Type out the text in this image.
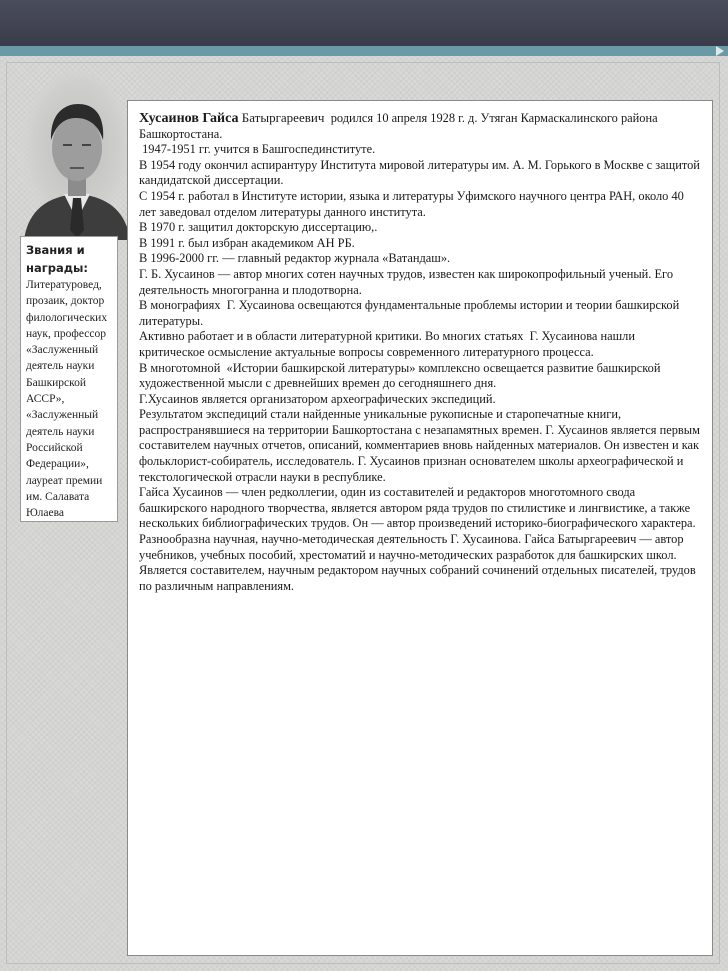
Звания и награды:
Литературовед, прозаик, доктор филологических наук, профессор «Заслуженный деятель науки Башкирской АССР», «Заслуженный деятель науки Российской Федерации», лауреат премии им. Салавата Юлаева

Хусаинов Гайса Батыргареевич  родился 10 апреля 1928 г. д. Утяган Кармаскалинского района Башкортостана.

1947-1951 гг. учится в Башгоспединституте.

В 1954 году окончил аспирантуру Института мировой литературы им. А. М. Горького в Москве с защитой кандидатской диссертации.

С 1954 г. работал в Институте истории, языка и литературы Уфимского научного центра РАН, около 40 лет заведовал отделом литературы данного института.

В 1970 г. защитил докторскую диссертацию,.

В 1991 г. был избран академиком АН РБ.

В 1996-2000 гг. — главный редактор журнала «Ватандаш».

Г. Б. Хусаинов — автор многих сотен научных трудов, известен как широкопрофильный ученый. Его деятельность многогранна и плодотворна.

В монографиях  Г. Хусаинова освещаются фундаментальные проблемы истории и теории башкирской литературы.

Активно работает и в области литературной критики. Во многих статьях  Г. Хусаинова нашли критическое осмысление актуальные вопросы современного литературного процесса.

В многотомной  «Истории башкирской литературы» комплексно освещается развитие башкирской художественной мысли с древнейших времен до сегодняшнего дня.

Г.Хусаинов является организатором археографических экспедиций.

Результатом экспедиций стали найденные уникальные рукописные и старопечатные книги, распространявшиеся на территории Башкортостана с незапамятных времен. Г. Хусаинов является первым составителем научных отчетов, описаний, комментариев вновь найденных материалов. Он известен и как фольклорист-собиратель, исследователь. Г. Хусаинов признан основателем школы археографической и текстологической отрасли науки в республике.

Гайса Хусаинов — член редколлегии, один из составителей и редакторов многотомного свода башкирского народного творчества, является автором ряда трудов по стилистике и лингвистике, а также нескольких библиографических трудов. Он — автор произведений историко-биографического характера.

Разнообразна научная, научно-методическая деятельность Г. Хусаинова. Гайса Батыргареевич — автор учебников, учебных пособий, хрестоматий и научно-методических разработок для башкирских школ. Является составителем, научным редактором научных собраний сочинений отдельных писателей, трудов по различным направлениям.
